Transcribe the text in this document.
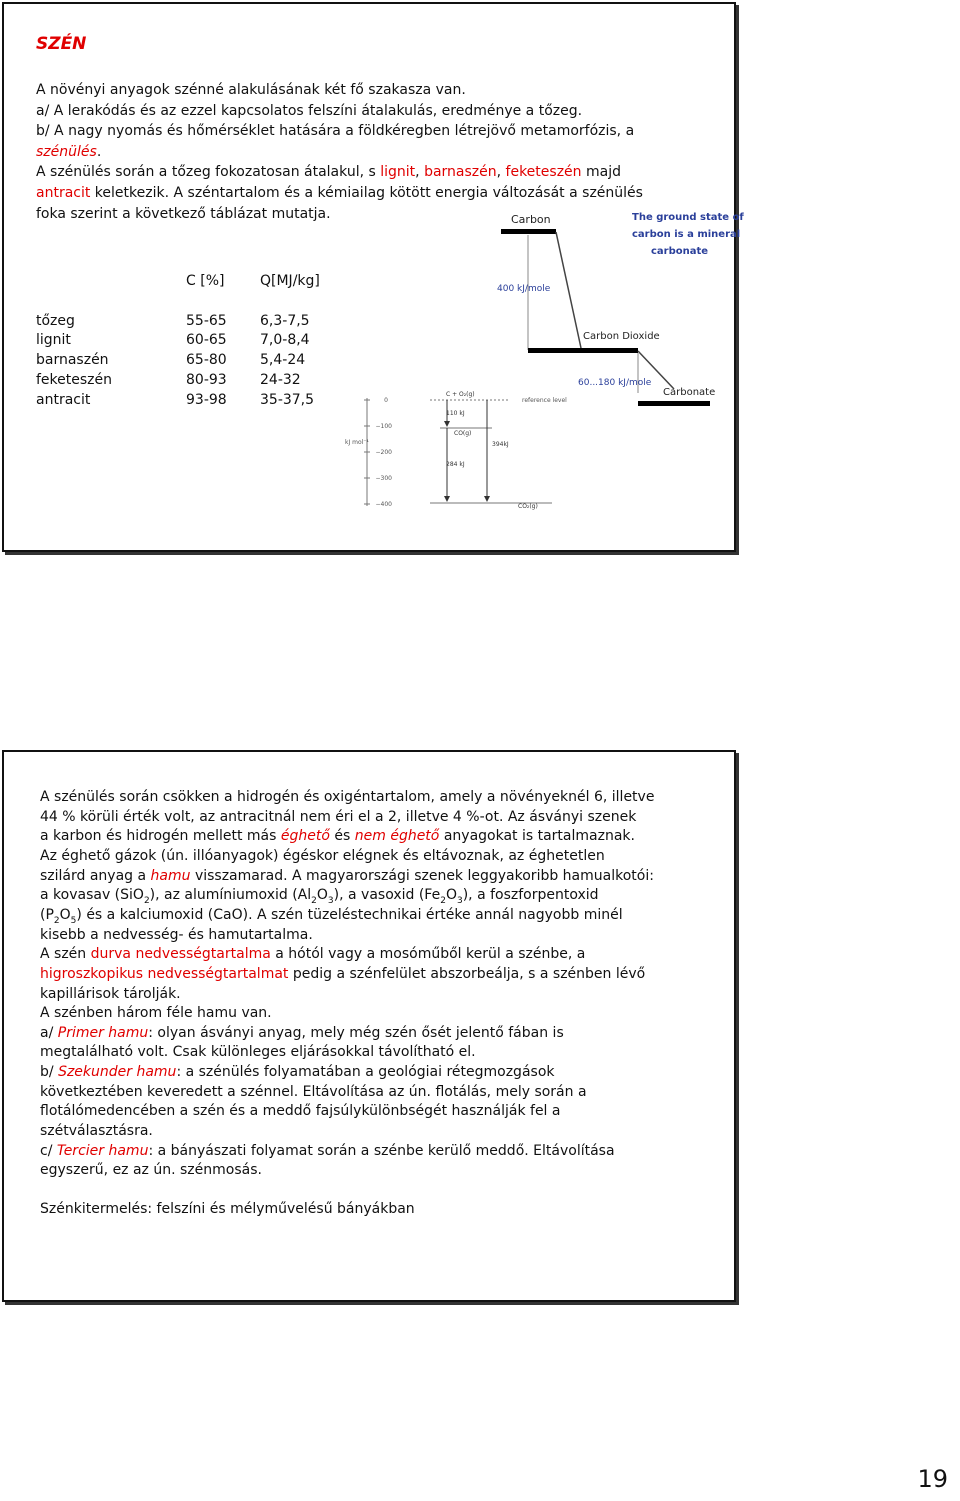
SZÉN
A növényi anyagok szénné alakulásának két fő szakasza van.
a/ A lerakódás és az ezzel kapcsolatos felszíni átalakulás, eredménye a tőzeg.
b/ A nagy nyomás és hőmérséklet hatására a földkéregben létrejövő metamorfózis, a
szénülés.
A szénülés során a tőzeg fokozatosan átalakul, s lignit, barnaszén, feketeszén majd
antracit keletkezik. A széntartalom és a kémiailag kötött energia változását a szénülés
foka szerint a következő táblázat mutatja.
	C [%]	Q[MJ/kg]

tőzeg	55-65	6,3-7,5
lignit	60-65	7,0-8,4
barnaszén	65-80	5,4-24
feketeszén	80-93	24-32
antracit	93-98	35-37,5
Carbon	The ground state of
carbon is a mineral
carbonate
400 kJ/mole
Carbon Dioxide
60...180 kJ/mole
Carbonate
0
−100
−200
−300
−400
kJ mol⁻¹
C + O₂(g)
reference level
110 kJ
CO(g)
284 kJ
394kJ
CO₂(g)
A szénülés során csökken a hidrogén és oxigéntartalom, amely a növényeknél 6, illetve
44 % körüli érték volt, az antracitnál nem éri el a 2, illetve 4 %-ot. Az ásványi szenek
a karbon és hidrogén mellett más éghető és nem éghető anyagokat is tartalmaznak.
Az éghető gázok (ún. illóanyagok) égéskor elégnek és eltávoznak, az éghetetlen
szilárd anyag a hamu visszamarad. A magyarországi szenek leggyakoribb hamualkotói:
a kovasav (SiO$_2$), az alumíniumoxid $(Al_2O_3)$, a vasoxid $(Fe_2O_3)$, a foszforpentoxid
$(P_2O_5)$ és a kalciumoxid (CaO). A szén tüzeléstechnikai értéke annál nagyobb minél
kisebb a nedvesség- és hamutartalma.
A szén durva nedvességtartalma a hótól vagy a mosóműből kerül a szénbe, a
higroszkopikus nedvességtartalmat pedig a szénfelület abszorbeálja, s a szénben lévő
kapillárisok tárolják.
A szénben három féle hamu van.
a/ Primer hamu: olyan ásványi anyag, mely még szén ősét jelentő fában is
megtalálható volt. Csak különleges eljárásokkal távolítható el.
b/ Szekunder hamu: a szénülés folyamatában a geológiai rétegmozgások
következtében keveredett a szénnel. Eltávolítása az ún. flotálás, mely során a
flotálómedencében a szén és a meddő fajsúlykülönbségét használják fel a
szétválasztásra.
c/ Tercier hamu: a bányászati folyamat során a szénbe kerülő meddő. Eltávolítása
egyszerű, ez az ún. szénmosás.
Szénkitermelés: felszíni és mélyművelésű bányákban
19
